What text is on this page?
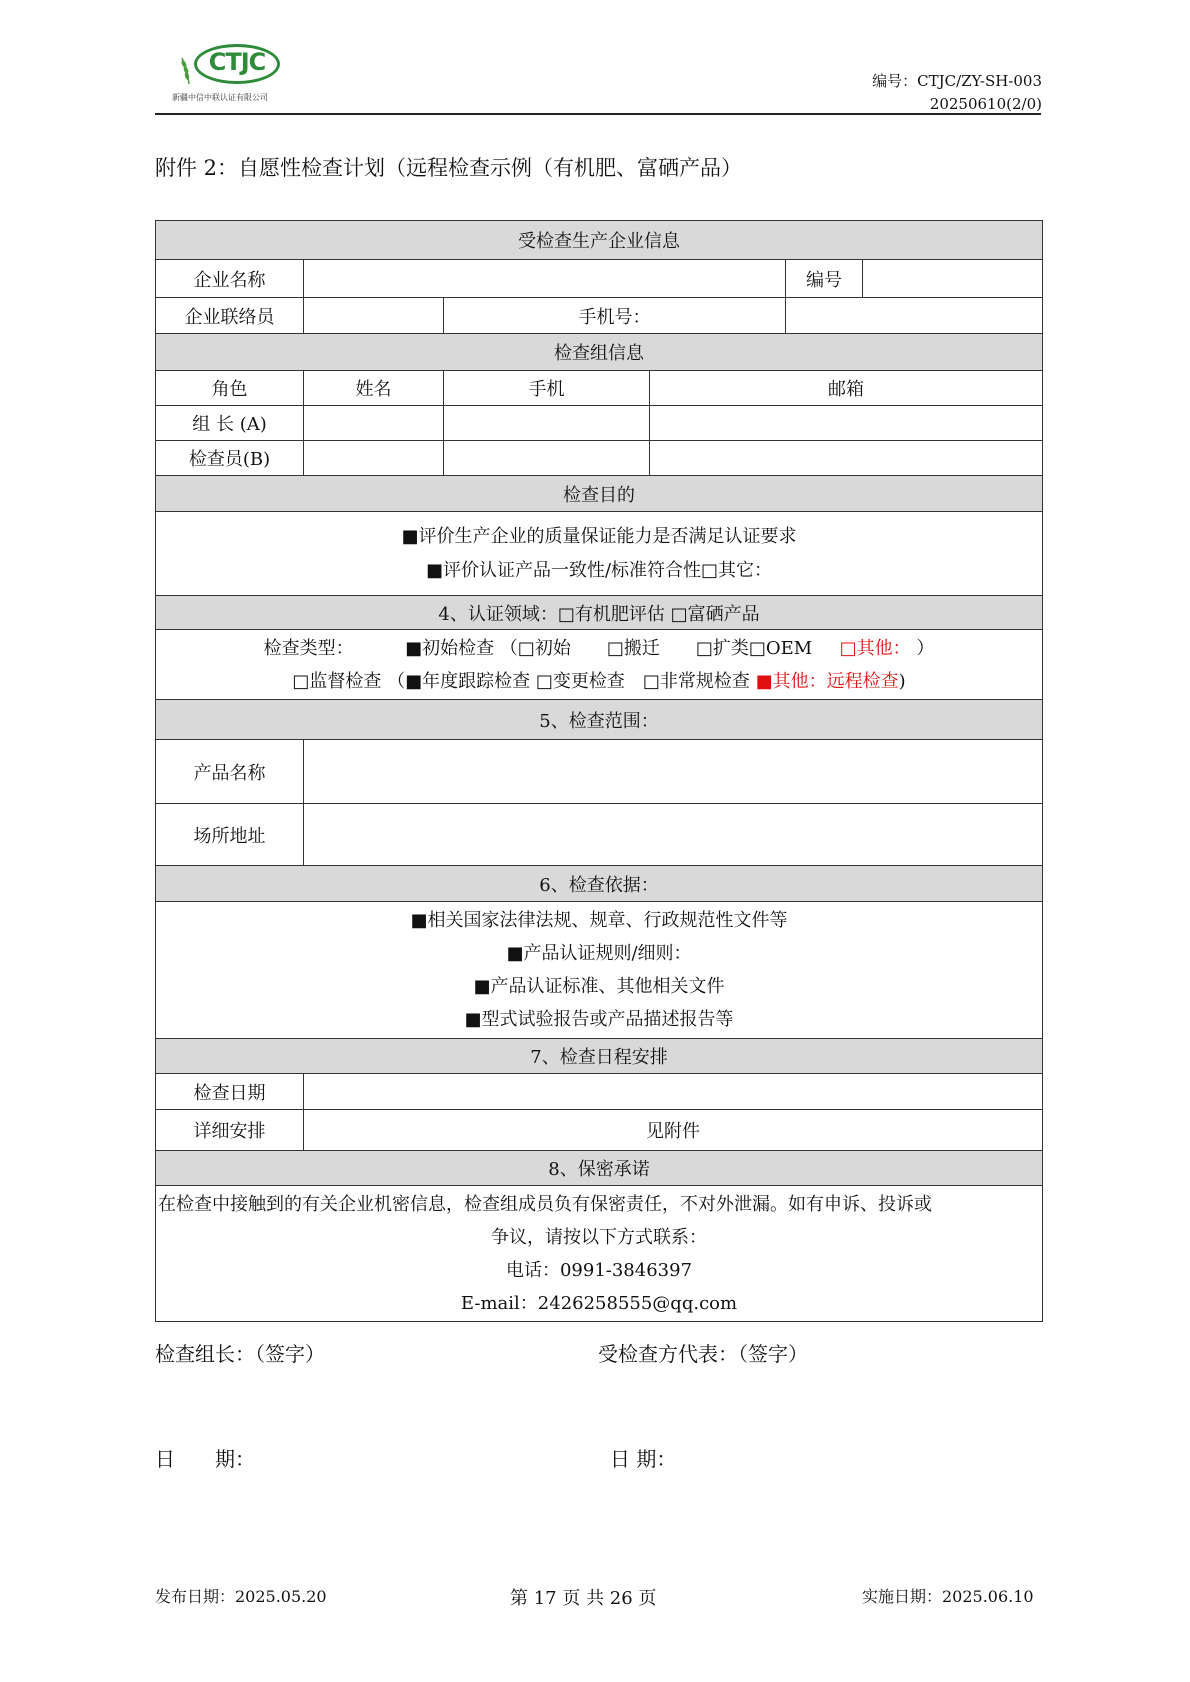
CTJC
新疆中信中联认证有限公司
编号：CTJC/ZY-SH-003
20250610(2/0)
附件 2：自愿性检查计划（远程检查示例（有机肥、富硒产品）
受检查生产企业信息					
企业名称				编号	
企业联络员		手机号：			
检查组信息					
角色	姓名	手机	邮箱		
组 长 (A)					
检查员(B)					
检查目的					

■评价生产企业的质量保证能力是否满足认证要求
■评价认证产品一致性/标准符合性□其它：					

4、认证领域：□有机肥评估 □富硒产品					

检查类型： ■初始检查 （□初始　　□搬迁　　□扩类□OEM □其他： ）
□监督检查 （■年度跟踪检查 □变更检查　□非常规检查 ■其他：远程检查)					

5、检查范围：					
产品名称					
场所地址					
6、检查依据：					

■相关国家法律法规、规章、行政规范性文件等
■产品认证规则/细则：
■产品认证标准、其他相关文件
■型式试验报告或产品描述报告等					

7、检查日程安排					
检查日期					
详细安排	见附件				
8、保密承诺					

在检查中接触到的有关企业机密信息，检查组成员负有保密责任，不对外泄漏。如有申诉、投诉或
争议，请按以下方式联系：
电话：0991-3846397
E-mail：2426258555@qq.com					
检查组长：（签字）	受检查方代表：（签字）
日　　期：	日 期：
发布日期：2025.05.20	第 17 页 共 26 页	实施日期：2025.06.10
